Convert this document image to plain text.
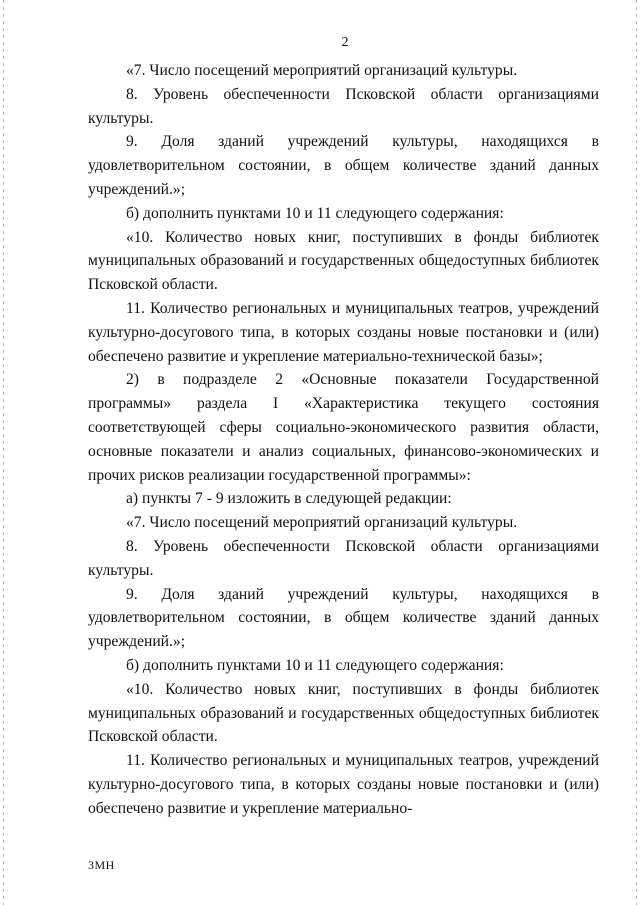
2

«7. Число посещений мероприятий организаций культуры.

8. Уровень обеспеченности Псковской области организациями культуры.

9. Доля зданий учреждений культуры, находящихся в удовлетворительном состоянии, в общем количестве зданий данных учреждений.»;

б) дополнить пунктами 10 и 11 следующего содержания:

«10. Количество новых книг, поступивших в фонды библиотек муниципальных образований и государственных общедоступных библиотек Псковской области.

11. Количество региональных и муниципальных театров, учреждений культурно-досугового типа, в которых созданы новые постановки и (или) обеспечено развитие и укрепление материально-технической базы»;

2) в подразделе 2 «Основные показатели Государственной программы» раздела I «Характеристика текущего состояния соответствующей сферы социально-экономического развития области, основные показатели и анализ социальных, финансово-экономических и прочих рисков реализации государственной программы»:

а) пункты 7 - 9 изложить в следующей редакции:

«7. Число посещений мероприятий организаций культуры.

8. Уровень обеспеченности Псковской области организациями культуры.

9. Доля зданий учреждений культуры, находящихся в удовлетворительном состоянии, в общем количестве зданий данных учреждений.»;

б) дополнить пунктами 10 и 11 следующего содержания:

«10. Количество новых книг, поступивших в фонды библиотек муниципальных образований и государственных общедоступных библиотек Псковской области.

11. Количество региональных и муниципальных театров, учреждений культурно-досугового типа, в которых созданы новые постановки и (или) обеспечено развитие и укрепление материально-

3МН
